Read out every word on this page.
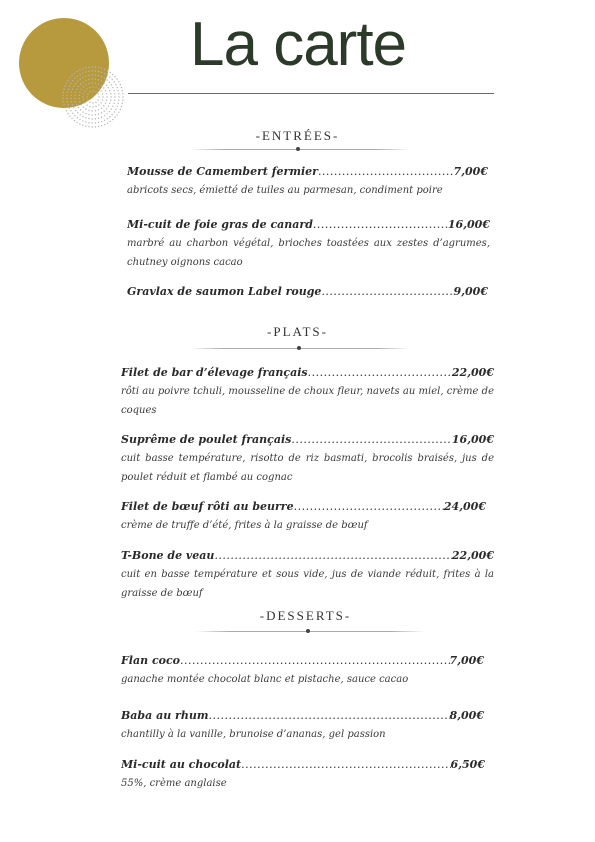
La carte
-ENTRÉES-
Mousse de Camembert fermier .....	7,00€
abricots secs, émietté de tuiles au parmesan, condiment poire
Mi-cuit de foie gras de canard .....	16,00€
marbré au charbon végétal, brioches toastées aux zestes d’agrumes, chutney oignons cacao
Gravlax de saumon Label rouge .....	9,00€
-PLATS-
Filet de bar d’élevage français .....	22,00€
rôti au poivre tchuli, mousseline de choux fleur, navets au miel, crème de coques
Suprême de poulet français .....	16,00€
cuit basse température, risotto de riz basmati, brocolis braisés, jus de poulet réduit et flambé au cognac
Filet de bœuf rôti au beurre .....	24,00€
crème de truffe d’été, frites à la graisse de bœuf
T-Bone de veau .....	22,00€
cuit en basse température et sous vide, jus de viande réduit, frites à la graisse de bœuf
-DESSERTS-
Flan coco .....	7,00€
ganache montée chocolat blanc et pistache, sauce cacao
Baba au rhum .....	8,00€
chantilly à la vanille, brunoise d’ananas, gel passion
Mi-cuit au chocolat .....	6,50€
55%, crème anglaise
